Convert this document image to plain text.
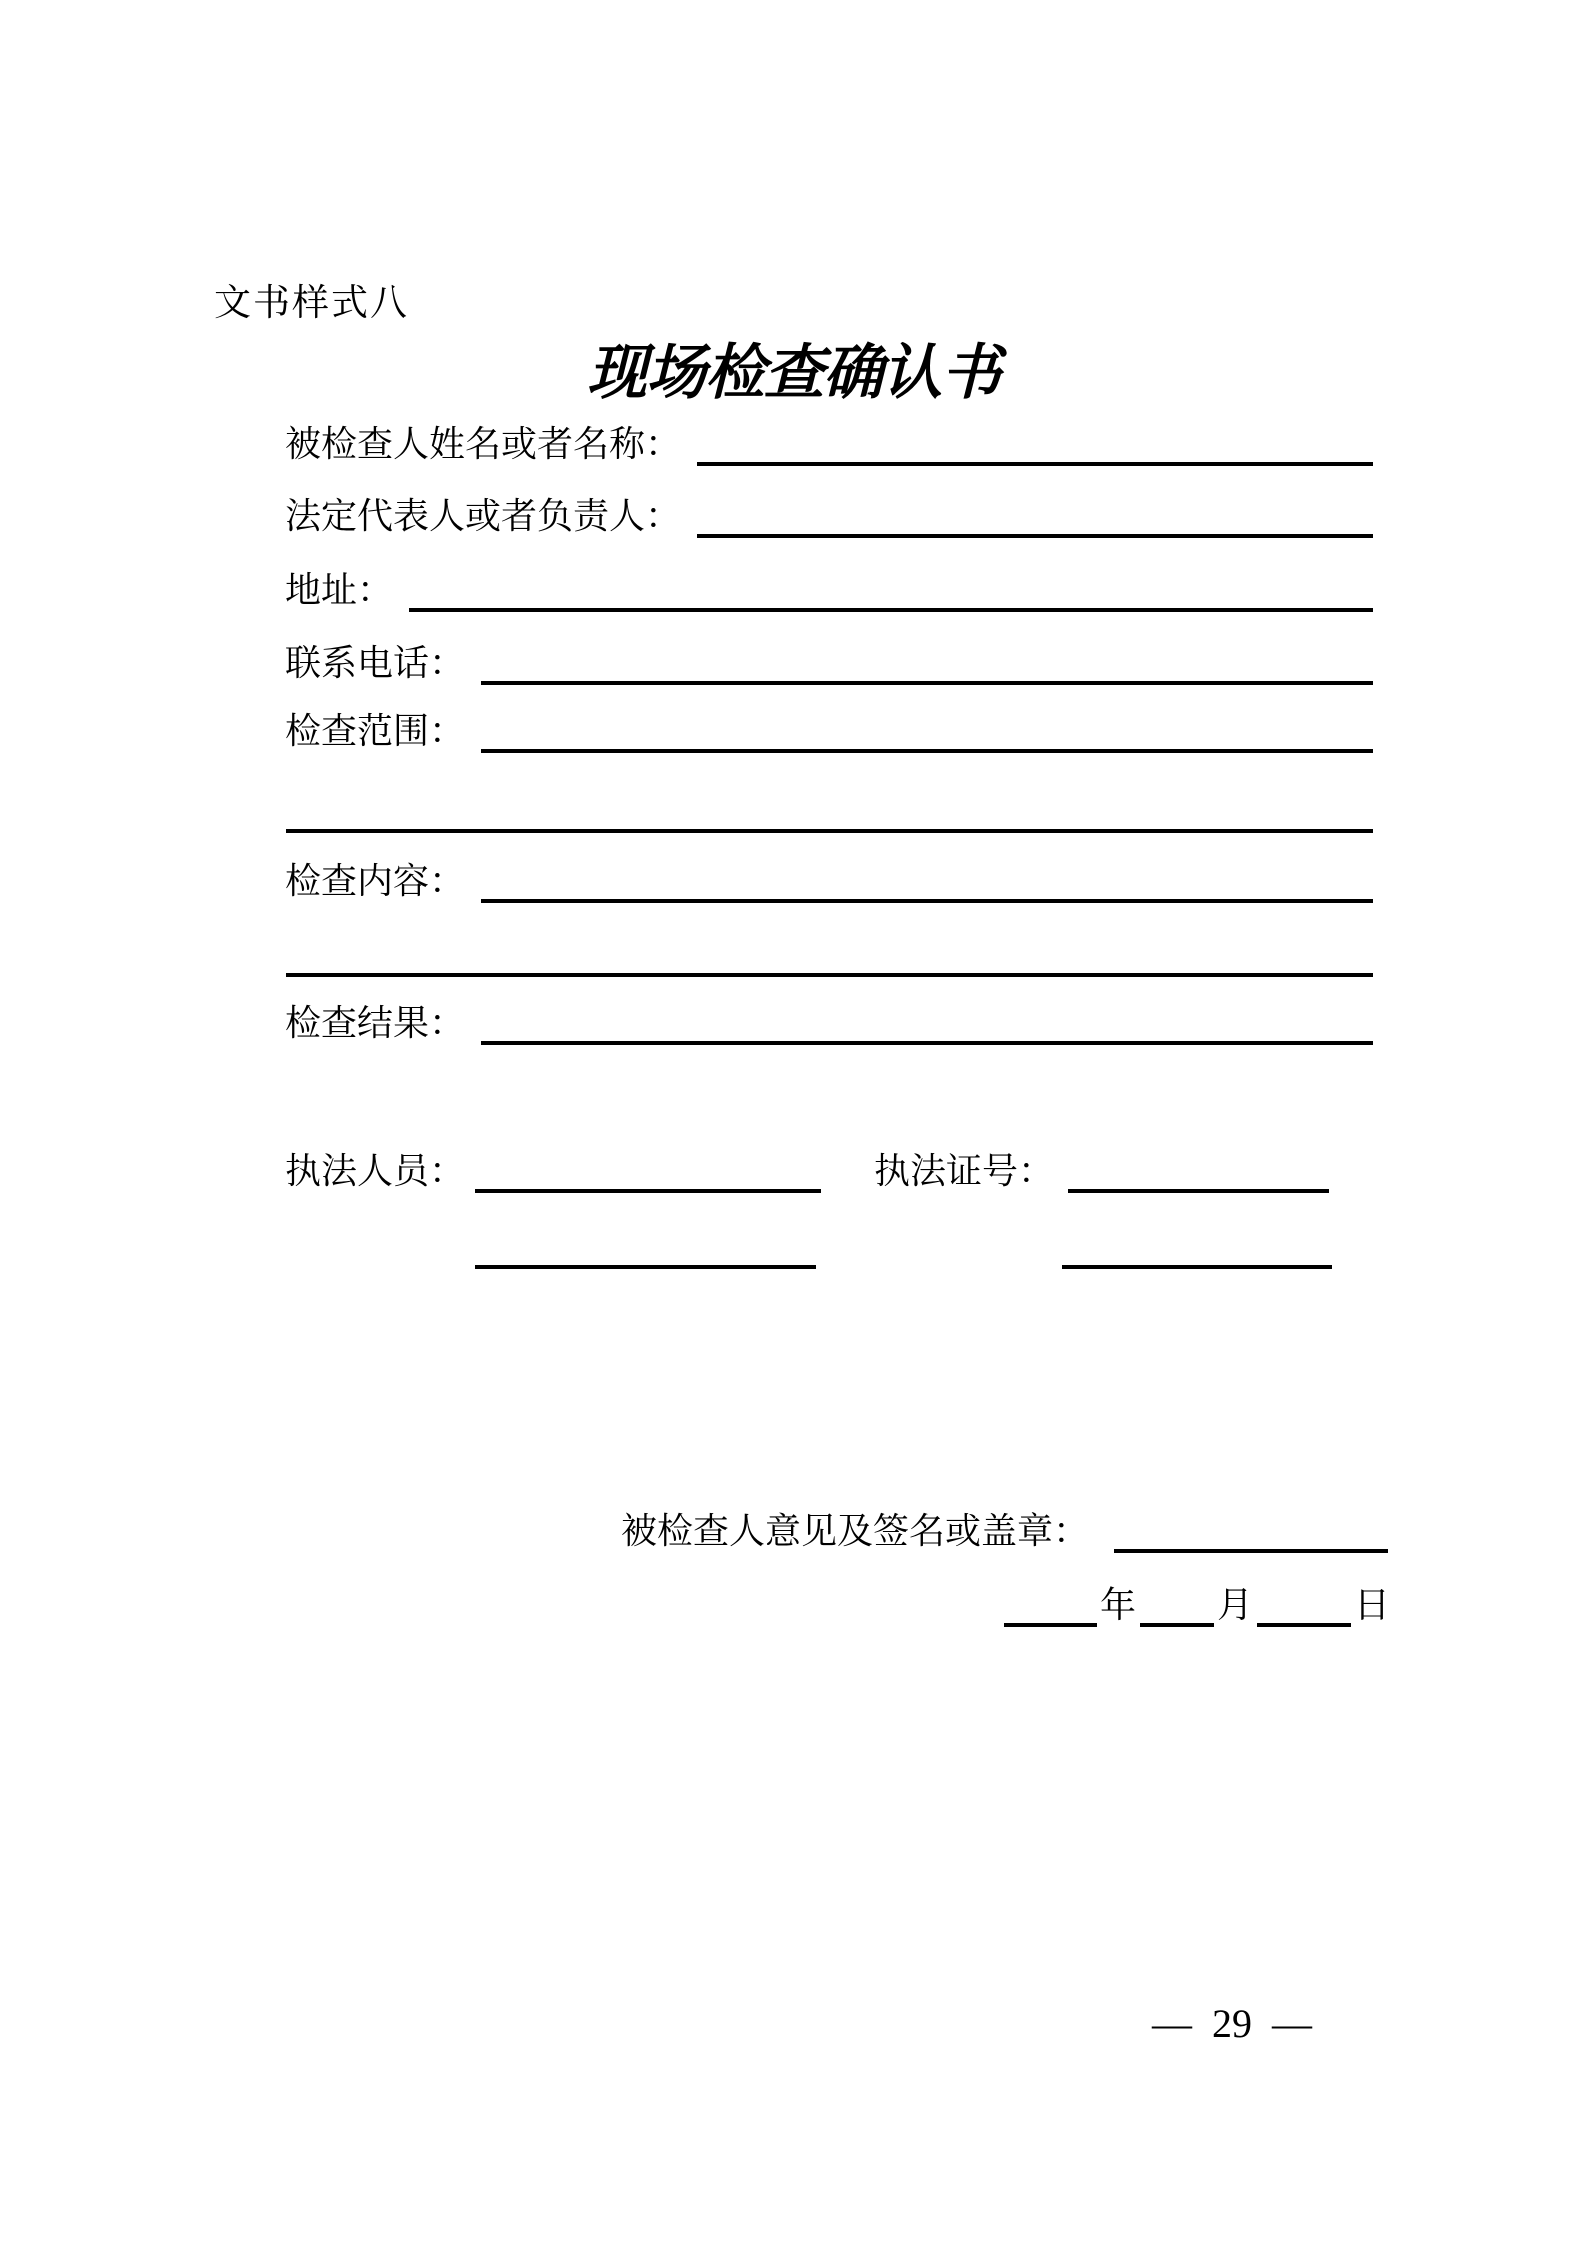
文书样式八
现场检查确认书
被检查人姓名或者名称：
法定代表人或者负责人：
地址：
联系电话：
检查范围：
检查内容：
检查结果：
执法人员：	执法证号：
被检查人意见及签名或盖章：
年 月	日
— 29 —
